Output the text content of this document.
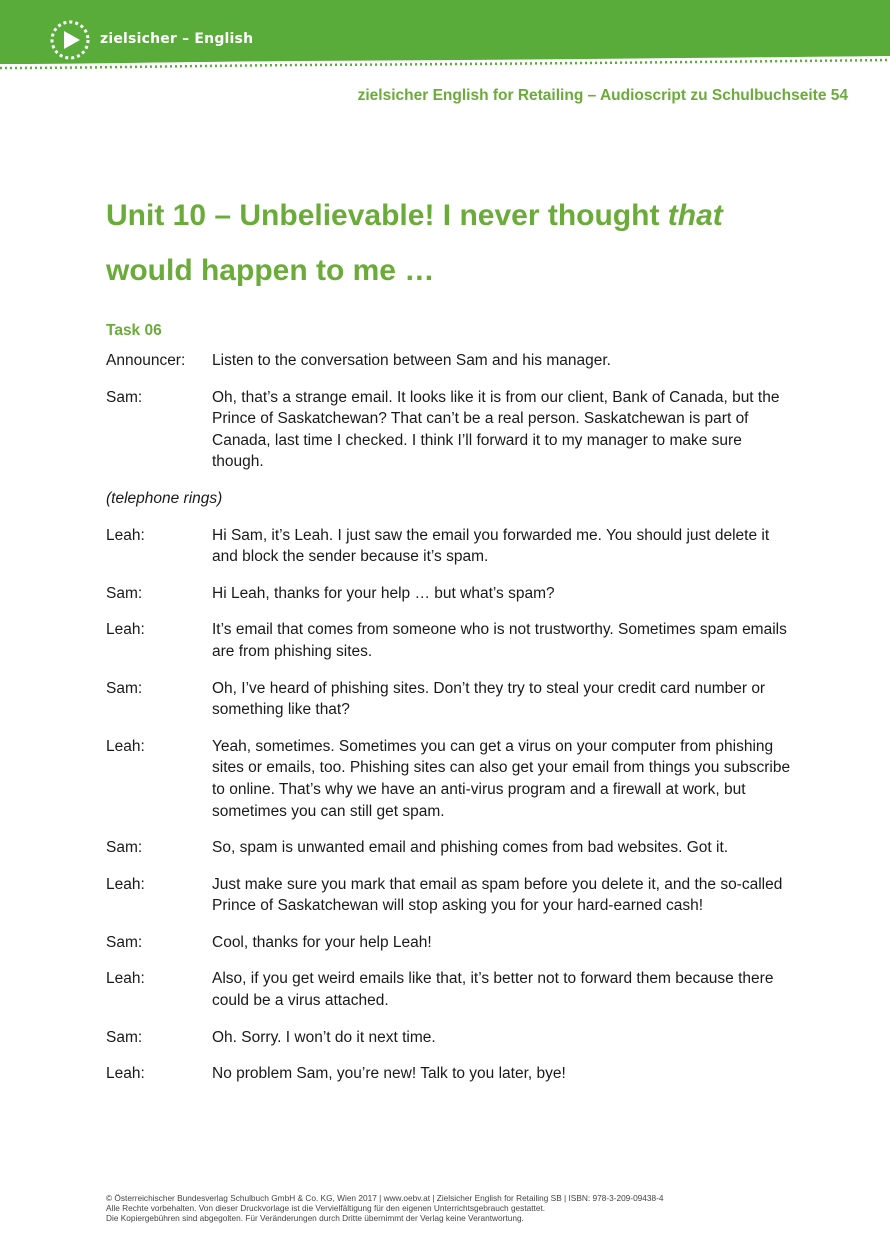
zielsicher – English
zielsicher English for Retailing – Audioscript zu Schulbuchseite 54
Unit 10 – Unbelievable! I never thought that
would happen to me …
Task 06
Announcer:	Listen to the conversation between Sam and his manager.
Sam:	Oh, that’s a strange email. It looks like it is from our client, Bank of Canada, but the Prince of Saskatchewan? That can’t be a real person. Saskatchewan is part of Canada, last time I checked. I think I’ll forward it to my manager to make sure though.
(telephone rings)
Leah:	Hi Sam, it’s Leah. I just saw the email you forwarded me. You should just delete it and block the sender because it’s spam.
Sam:	Hi Leah, thanks for your help … but what’s spam?
Leah:	It’s email that comes from someone who is not trustworthy. Sometimes spam emails are from phishing sites.
Sam:	Oh, I’ve heard of phishing sites. Don’t they try to steal your credit card number or something like that?
Leah:	Yeah, sometimes. Sometimes you can get a virus on your computer from phishing sites or emails, too. Phishing sites can also get your email from things you subscribe to online. That’s why we have an anti-virus program and a firewall at work, but sometimes you can still get spam.
Sam:	So, spam is unwanted email and phishing comes from bad websites. Got it.
Leah:	Just make sure you mark that email as spam before you delete it, and the so-called Prince of Saskatchewan will stop asking you for your hard-earned cash!
Sam:	Cool, thanks for your help Leah!
Leah:	Also, if you get weird emails like that, it’s better not to forward them because there could be a virus attached.
Sam:	Oh. Sorry. I won’t do it next time.
Leah:	No problem Sam, you’re new! Talk to you later, bye!
© Österreichischer Bundesverlag Schulbuch GmbH & Co. KG, Wien 2017 | www.oebv.at | Zielsicher English for Retailing SB | ISBN: 978-3-209-09438-4
Alle Rechte vorbehalten. Von dieser Druckvorlage ist die Vervielfältigung für den eigenen Unterrichtsgebrauch gestattet.
Die Kopiergebühren sind abgegolten. Für Veränderungen durch Dritte übernimmt der Verlag keine Verantwortung.
